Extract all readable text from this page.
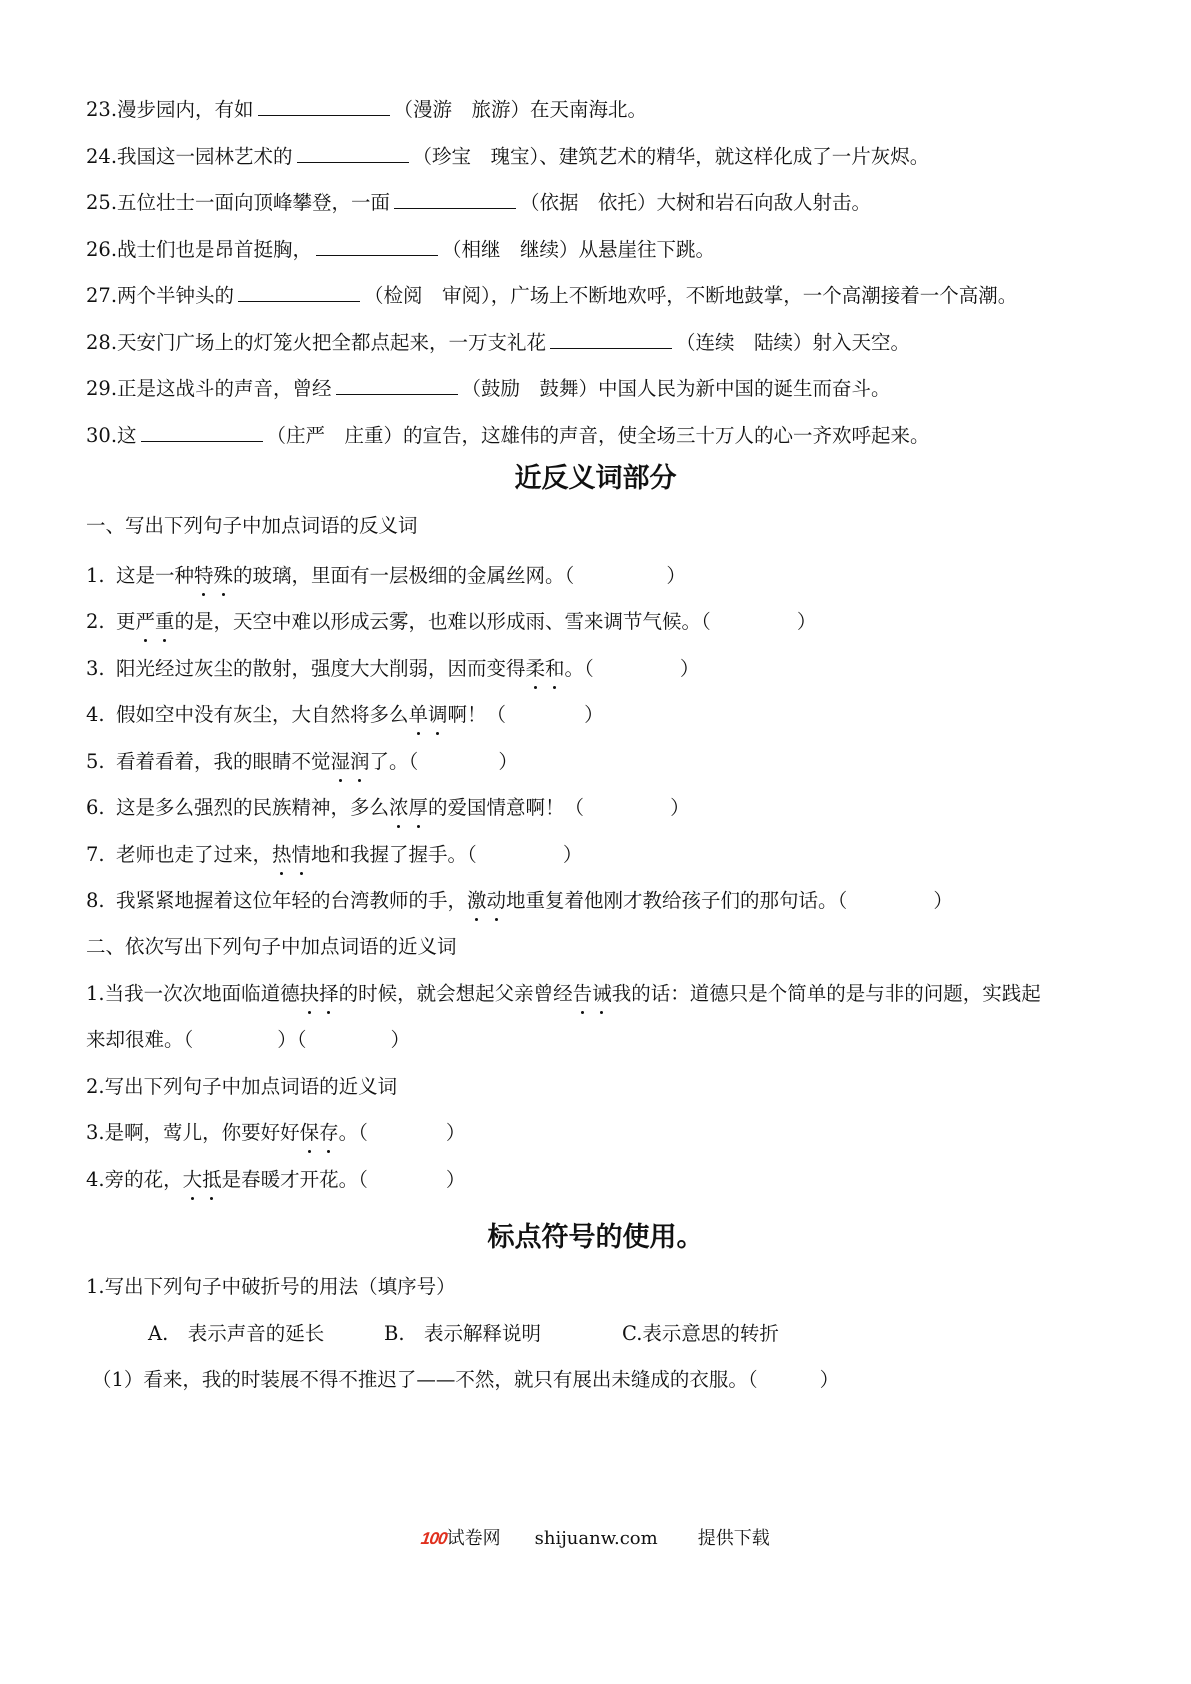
23.漫步园内，有如	（漫游　旅游）在天南海北。
24.我国这一园林艺术的	（珍宝　瑰宝）、建筑艺术的精华，就这样化成了一片灰烬。
25.五位壮士一面向顶峰攀登，一面	（依据　依托）大树和岩石向敌人射击。
26.战士们也是昂首挺胸，	（相继　继续）从悬崖往下跳。
27.两个半钟头的	（检阅　审阅），广场上不断地欢呼，不断地鼓掌，一个高潮接着一个高潮。
28.天安门广场上的灯笼火把全都点起来，一万支礼花	（连续　陆续）射入天空。
29.正是这战斗的声音，曾经	（鼓励　鼓舞）中国人民为新中国的诞生而奋斗。
30.这	（庄严　庄重）的宣告，这雄伟的声音，使全场三十万人的心一齐欢呼起来。
近反义词部分
一、写出下列句子中加点词语的反义词
1. 这是一种特殊的玻璃，里面有一层极细的金属丝网。（	）
2. 更严重的是，天空中难以形成云雾，也难以形成雨、雪来调节气候。（	）
3. 阳光经过灰尘的散射，强度大大削弱，因而变得柔和。（	）
4. 假如空中没有灰尘，大自然将多么单调啊！（	）
5. 看着看着，我的眼睛不觉湿润了。（	）
6. 这是多么强烈的民族精神，多么浓厚的爱国情意啊！（	）
7. 老师也走了过来，热情地和我握了握手。（	）
8. 我紧紧地握着这位年轻的台湾教师的手，激动地重复着他刚才教给孩子们的那句话。（	）
二、依次写出下列句子中加点词语的近义词
1.当我一次次地面临道德抉择的时候，就会想起父亲曾经告诫我的话：道德只是个简单的是与非的问题，实践起
来却很难。（	）（	）
2.写出下列句子中加点词语的近义词
3.是啊，莺儿，你要好好保存。（	）
4.旁的花，大抵是春暖才开花。（	）
标点符号的使用。
1.写出下列句子中破折号的用法（填序号）
A.　表示声音的延长	B.　表示解释说明	C.表示意思的转折
（1）看来，我的时装展不得不推迟了——不然，就只有展出未缝成的衣服。（	）
100试卷网 shijuanw.com 提供下载
